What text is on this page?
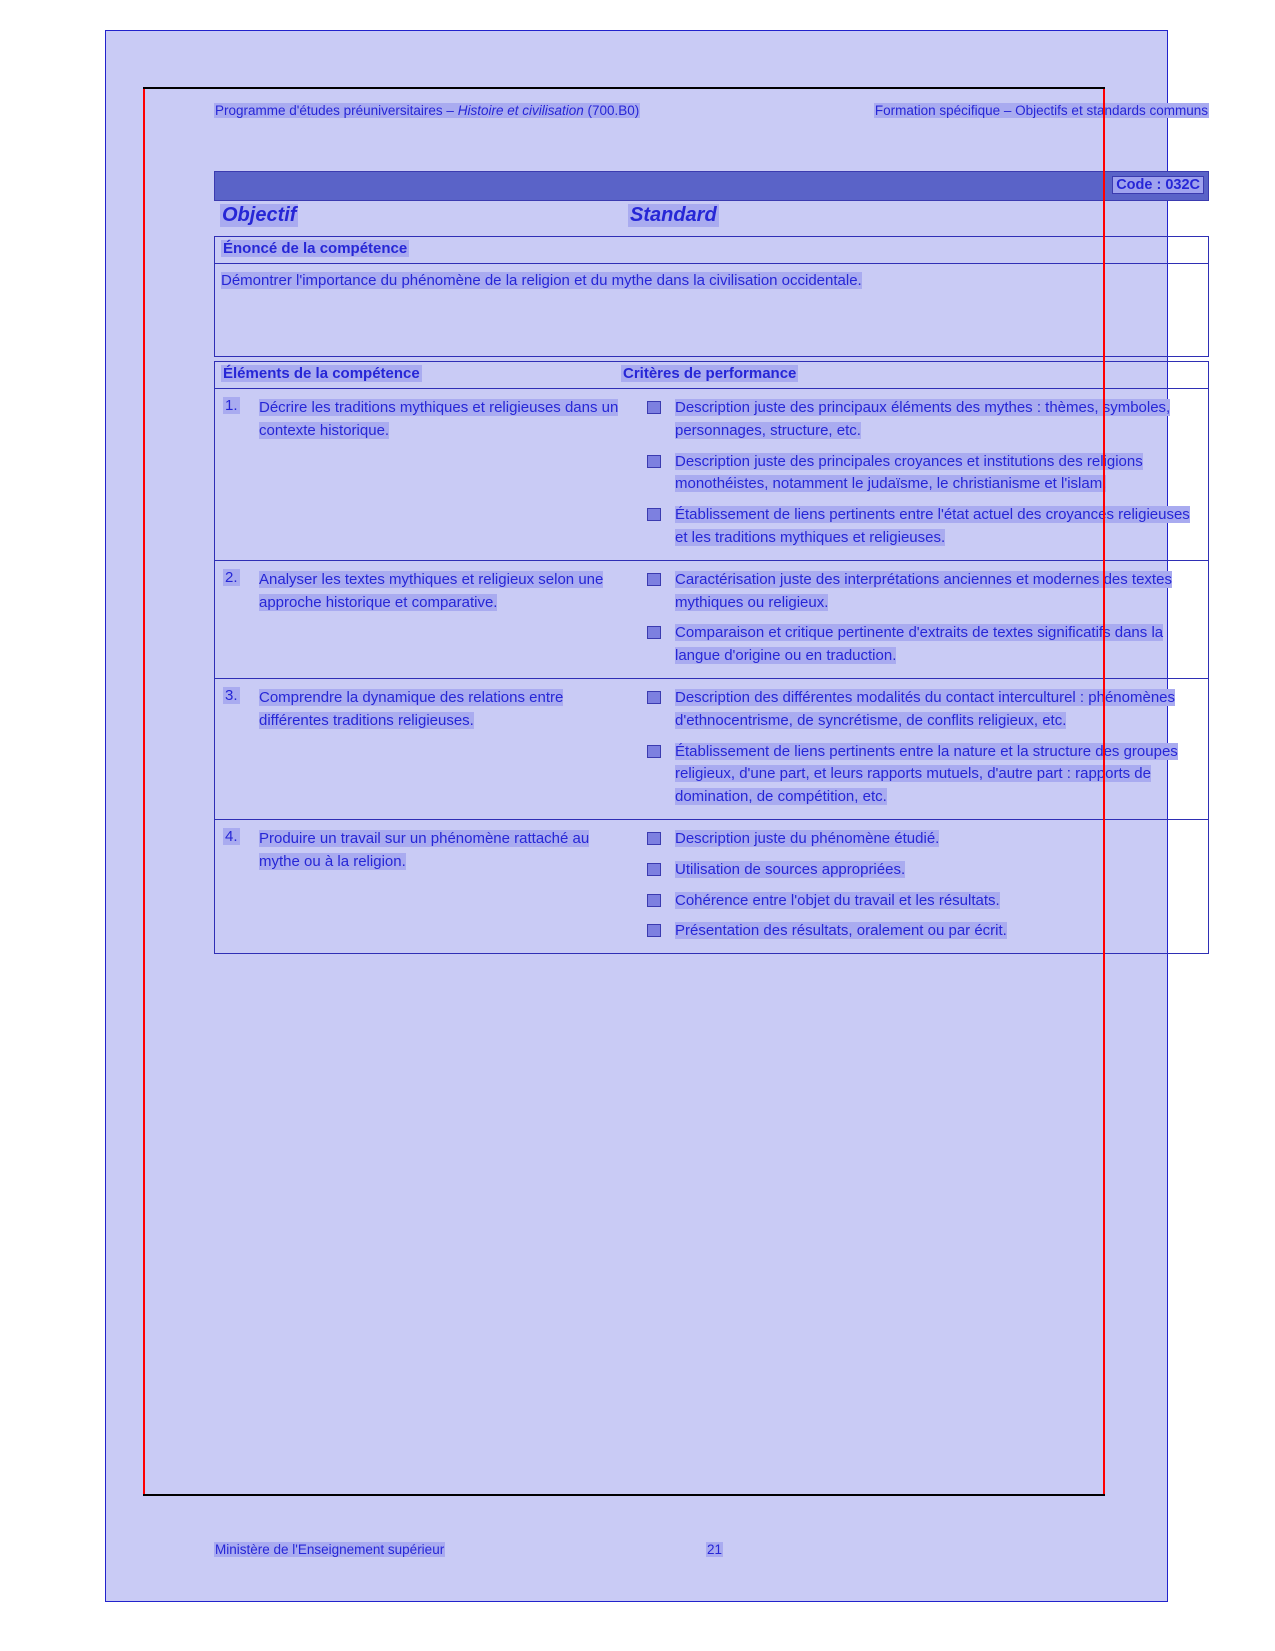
Programme d'études préuniversitaires – Histoire et civilisation (700.B0)	Formation spécifique – Objectifs et standards communs
Code : 032C
Objectif	Standard
Énoncé de la compétence
Démontrer l'importance du phénomène de la religion et du mythe dans la civilisation occidentale.
Éléments de la compétence	Critères de performance
1.	Décrire les traditions mythiques et religieuses dans un contexte historique.	Description juste des principaux éléments des mythes : thèmes, symboles, personnages, structure, etc.
Description juste des principales croyances et institutions des religions monothéistes, notamment le judaïsme, le christianisme et l'islam.
Établissement de liens pertinents entre l'état actuel des croyances religieuses et les traditions mythiques et religieuses.

2.	Analyser les textes mythiques et religieux selon une approche historique et comparative.	Caractérisation juste des interprétations anciennes et modernes des textes mythiques ou religieux.
Comparaison et critique pertinente d'extraits de textes significatifs dans la langue d'origine ou en traduction.

3.	Comprendre la dynamique des relations entre différentes traditions religieuses.	Description des différentes modalités du contact interculturel : phénomènes d'ethnocentrisme, de syncrétisme, de conflits religieux, etc.
Établissement de liens pertinents entre la nature et la structure des groupes religieux, d'une part, et leurs rapports mutuels, d'autre part : rapports de domination, de compétition, etc.

4.	Produire un travail sur un phénomène rattaché au mythe ou à la religion.	Description juste du phénomène étudié.
Utilisation de sources appropriées.
Cohérence entre l'objet du travail et les résultats.
Présentation des résultats, oralement ou par écrit.
Ministère de l'Enseignement supérieur	21
